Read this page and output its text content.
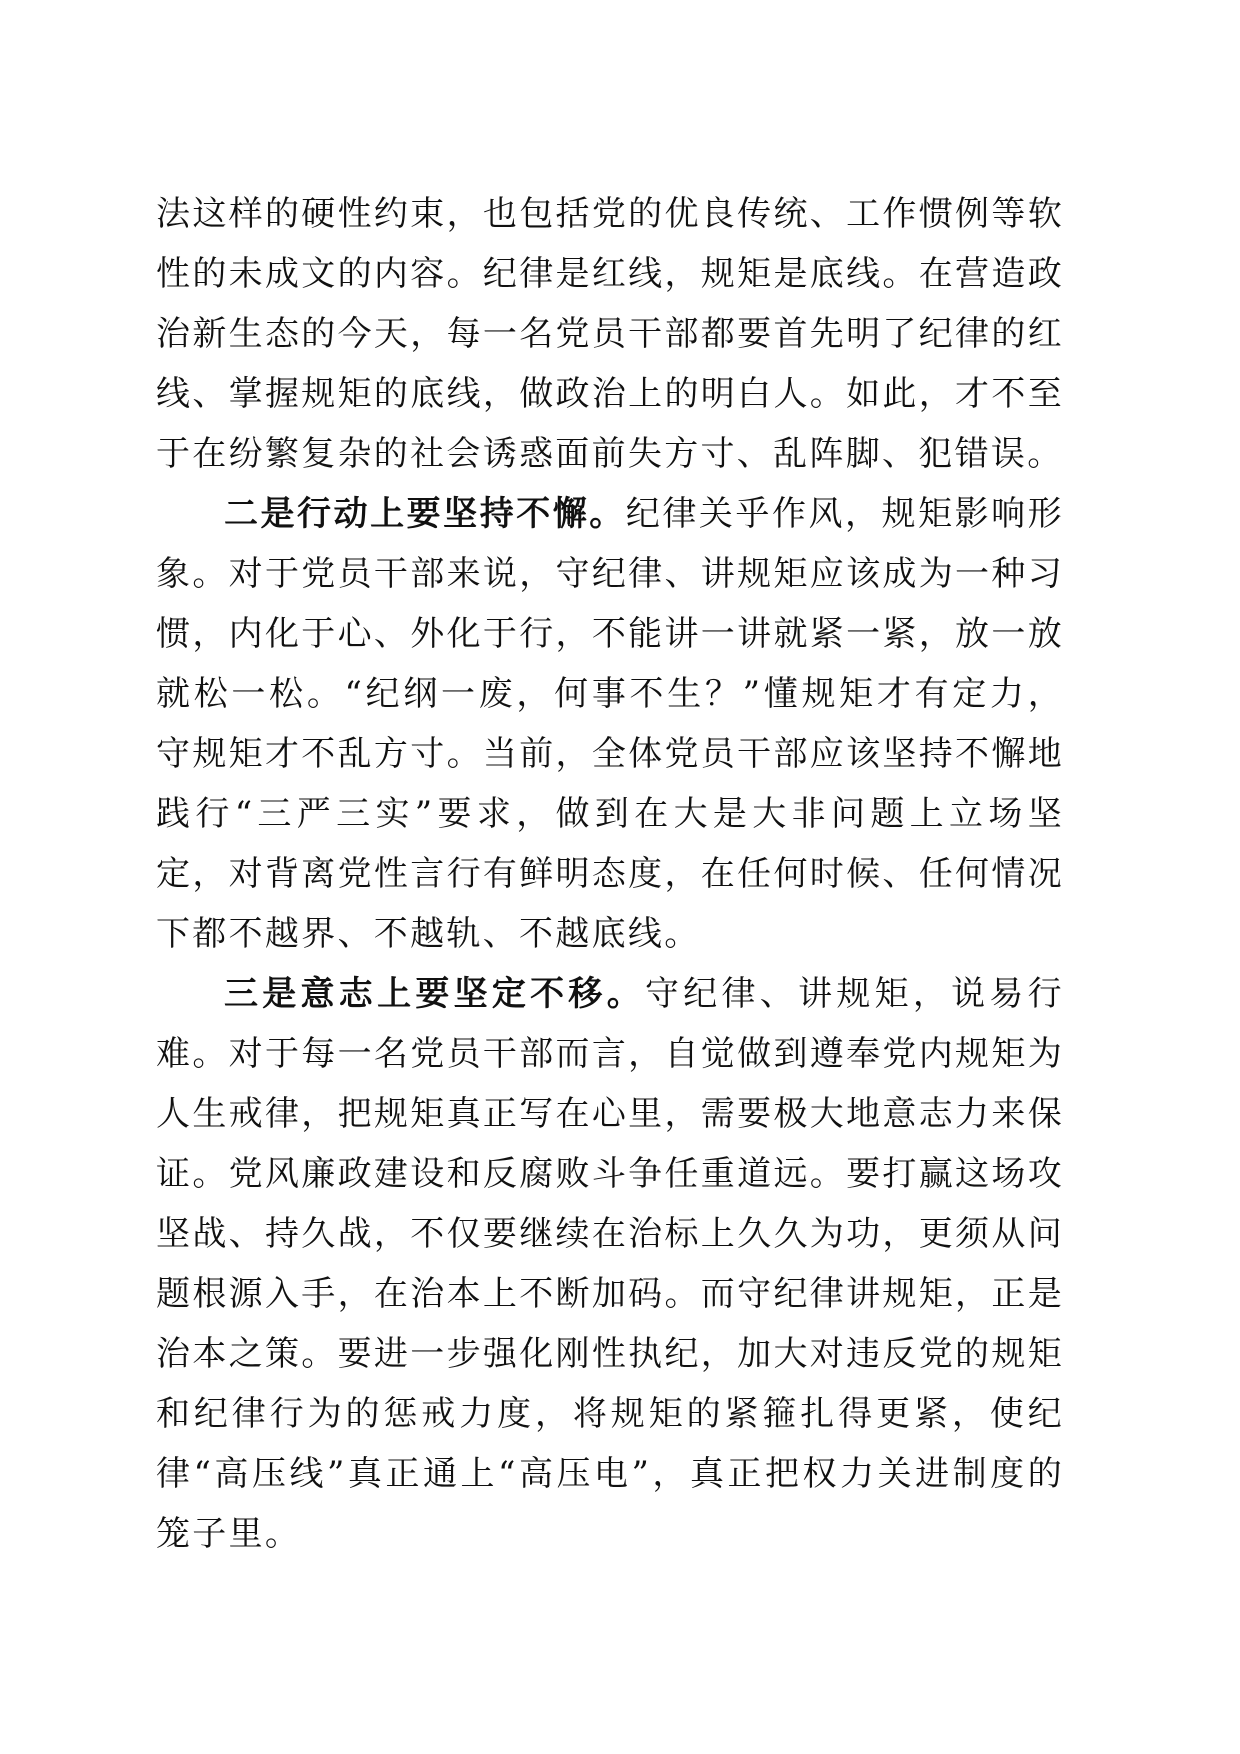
法这样的硬性约束，也包括党的优良传统、工作惯例等软性的未成文的内容。纪律是红线，规矩是底线。在营造政治新生态的今天，每一名党员干部都要首先明了纪律的红线、掌握规矩的底线，做政治上的明白人。如此，才不至于在纷繁复杂的社会诱惑面前失方寸、乱阵脚、犯错误。

二是行动上要坚持不懈。纪律关乎作风，规矩影响形象。对于党员干部来说，守纪律、讲规矩应该成为一种习惯，内化于心、外化于行，不能讲一讲就紧一紧，放一放就松一松。“纪纲一废，何事不生？”懂规矩才有定力，守规矩才不乱方寸。当前，全体党员干部应该坚持不懈地践行“三严三实”要求，做到在大是大非问题上立场坚定，对背离党性言行有鲜明态度，在任何时候、任何情况下都不越界、不越轨、不越底线。

三是意志上要坚定不移。守纪律、讲规矩，说易行难。对于每一名党员干部而言，自觉做到遵奉党内规矩为人生戒律，把规矩真正写在心里，需要极大地意志力来保证。党风廉政建设和反腐败斗争任重道远。要打赢这场攻坚战、持久战，不仅要继续在治标上久久为功，更须从问题根源入手，在治本上不断加码。而守纪律讲规矩，正是治本之策。要进一步强化刚性执纪，加大对违反党的规矩和纪律行为的惩戒力度，将规矩的紧箍扎得更紧，使纪律“高压线”真正通上“高压电”，真正把权力关进制度的笼子里。
